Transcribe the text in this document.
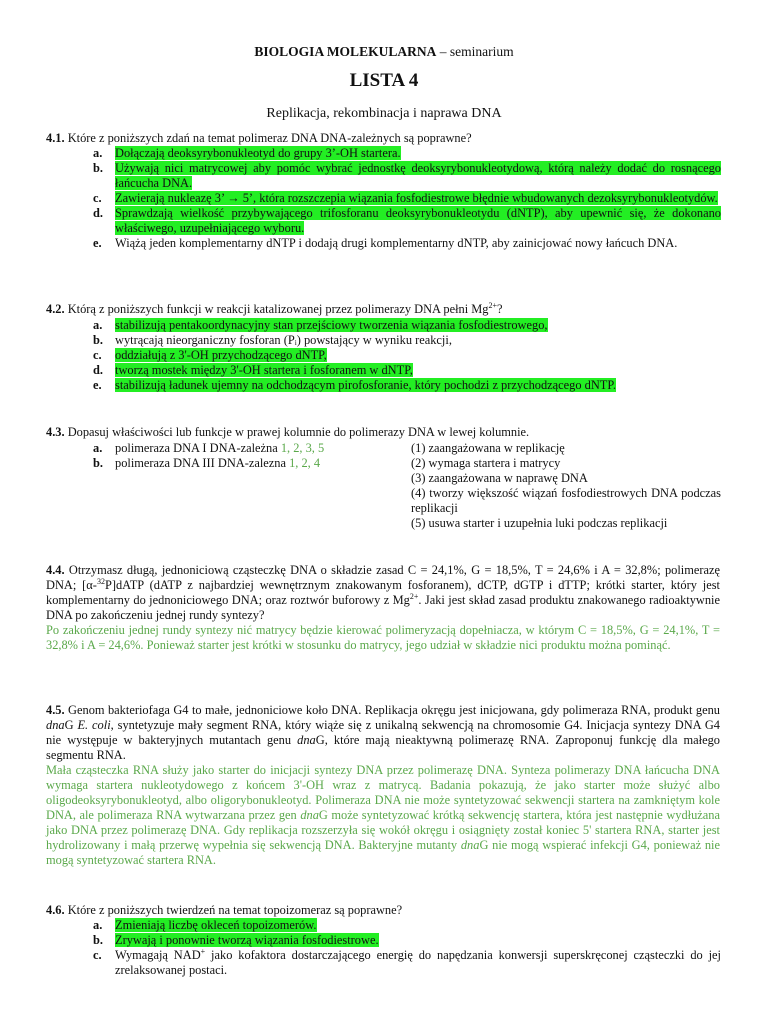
BIOLOGIA MOLEKULARNA – seminarium
LISTA 4
Replikacja, rekombinacja i naprawa DNA
4.1. Które z poniższych zdań na temat polimeraz DNA DNA-zależnych są poprawne?
a. Dołączają deoksyrybonukleotyd do grupy 3’-OH startera.
b. Używają nici matrycowej aby pomóc wybrać jednostkę deoksyrybonukleotydową, którą należy dodać do rosnącego łańcucha DNA.
c. Zawierają nukleazę 3’ → 5’, która rozszczepia wiązania fosfodiestrowe błędnie wbudowanych dezoksyrybonukleotydów.
d. Sprawdzają wielkość przybywającego trifosforanu deoksyrybonukleotydu (dNTP), aby upewnić się, że dokonano właściwego, uzupełniającego wyboru.
e. Wiążą jeden komplementarny dNTP i dodają drugi komplementarny dNTP, aby zainicjować nowy łańcuch DNA.
4.2. Którą z poniższych funkcji w reakcji katalizowanej przez polimerazy DNA pełni $Mg^{2+}$?
a. stabilizują pentakoordynacyjny stan przejściowy tworzenia wiązania fosfodiestrowego,
b. wytrącają nieorganiczny fosforan (Pᵢ) powstający w wyniku reakcji,
c. oddziałują z 3'-OH przychodzącego dNTP,
d. tworzą mostek między 3'-OH startera i fosforanem w dNTP,
e. stabilizują ładunek ujemny na odchodzącym pirofosforanie, który pochodzi z przychodzącego dNTP.
4.3. Dopasuj właściwości lub funkcje w prawej kolumnie do polimerazy DNA w lewej kolumnie.
a. polimeraza DNA I DNA-zależna 1, 2, 3, 5
b. polimeraza DNA III DNA-zalezna 1, 2, 4
(1) zaangażowana w replikację
(2) wymaga startera i matrycy
(3) zaangażowana w naprawę DNA
(4) tworzy większość wiązań fosfodiestrowych DNA podczas replikacji
(5) usuwa starter i uzupełnia luki podczas replikacji
4.4. Otrzymasz długą, jednoniciową cząsteczkę DNA o składzie zasad C = 24,1%, G = 18,5%, T = 24,6% i A = 32,8%; polimerazę DNA; [α-$^{32}$P]dATP (dATP z najbardziej wewnętrznym znakowanym fosforanem), dCTP, dGTP i dTTP; krótki starter, który jest komplementarny do jednoniciowego DNA; oraz roztwór buforowy z $Mg^{2+}$. Jaki jest skład zasad produktu znakowanego radioaktywnie DNA po zakończeniu jednej rundy syntezy?
Po zakończeniu jednej rundy syntezy nić matrycy będzie kierować polimeryzacją dopełniacza, w którym C = 18,5%, G = 24,1%, T = 32,8% i A = 24,6%. Ponieważ starter jest krótki w stosunku do matrycy, jego udział w składzie nici produktu można pominąć.
4.5. Genom bakteriofaga G4 to małe, jednoniciowe koło DNA. Replikacja okręgu jest inicjowana, gdy polimeraza RNA, produkt genu dnaG E. coli, syntetyzuje mały segment RNA, który wiąże się z unikalną sekwencją na chromosomie G4. Inicjacja syntezy DNA G4 nie występuje w bakteryjnych mutantach genu dnaG, które mają nieaktywną polimerazę RNA. Zaproponuj funkcję dla małego segmentu RNA.
Mała cząsteczka RNA służy jako starter do inicjacji syntezy DNA przez polimerazę DNA. Synteza polimerazy DNA łańcucha DNA wymaga startera nukleotydowego z końcem 3'-OH wraz z matrycą. Badania pokazują, że jako starter może służyć albo oligodeoksyrybonukleotyd, albo oligorybonukleotyd. Polimeraza DNA nie może syntetyzować sekwencji startera na zamkniętym kole DNA, ale polimeraza RNA wytwarzana przez gen dnaG może syntetyzować krótką sekwencję startera, która jest następnie wydłużana jako DNA przez polimerazę DNA. Gdy replikacja rozszerzyła się wokół okręgu i osiągnięty został koniec 5' startera RNA, starter jest hydrolizowany i małą przerwę wypełnia się sekwencją DNA. Bakteryjne mutanty dnaG nie mogą wspierać infekcji G4, ponieważ nie mogą syntetyzować startera RNA.
4.6. Które z poniższych twierdzeń na temat topoizomeraz są poprawne?
a. Zmieniają liczbę okleceń topoizomerów.
b. Zrywają i ponownie tworzą wiązania fosfodiestrowe.
c. Wymagają NAD+ jako kofaktora dostarczającego energię do napędzania konwersji superskręconej cząsteczki do jej zrelaksowanej postaci.
